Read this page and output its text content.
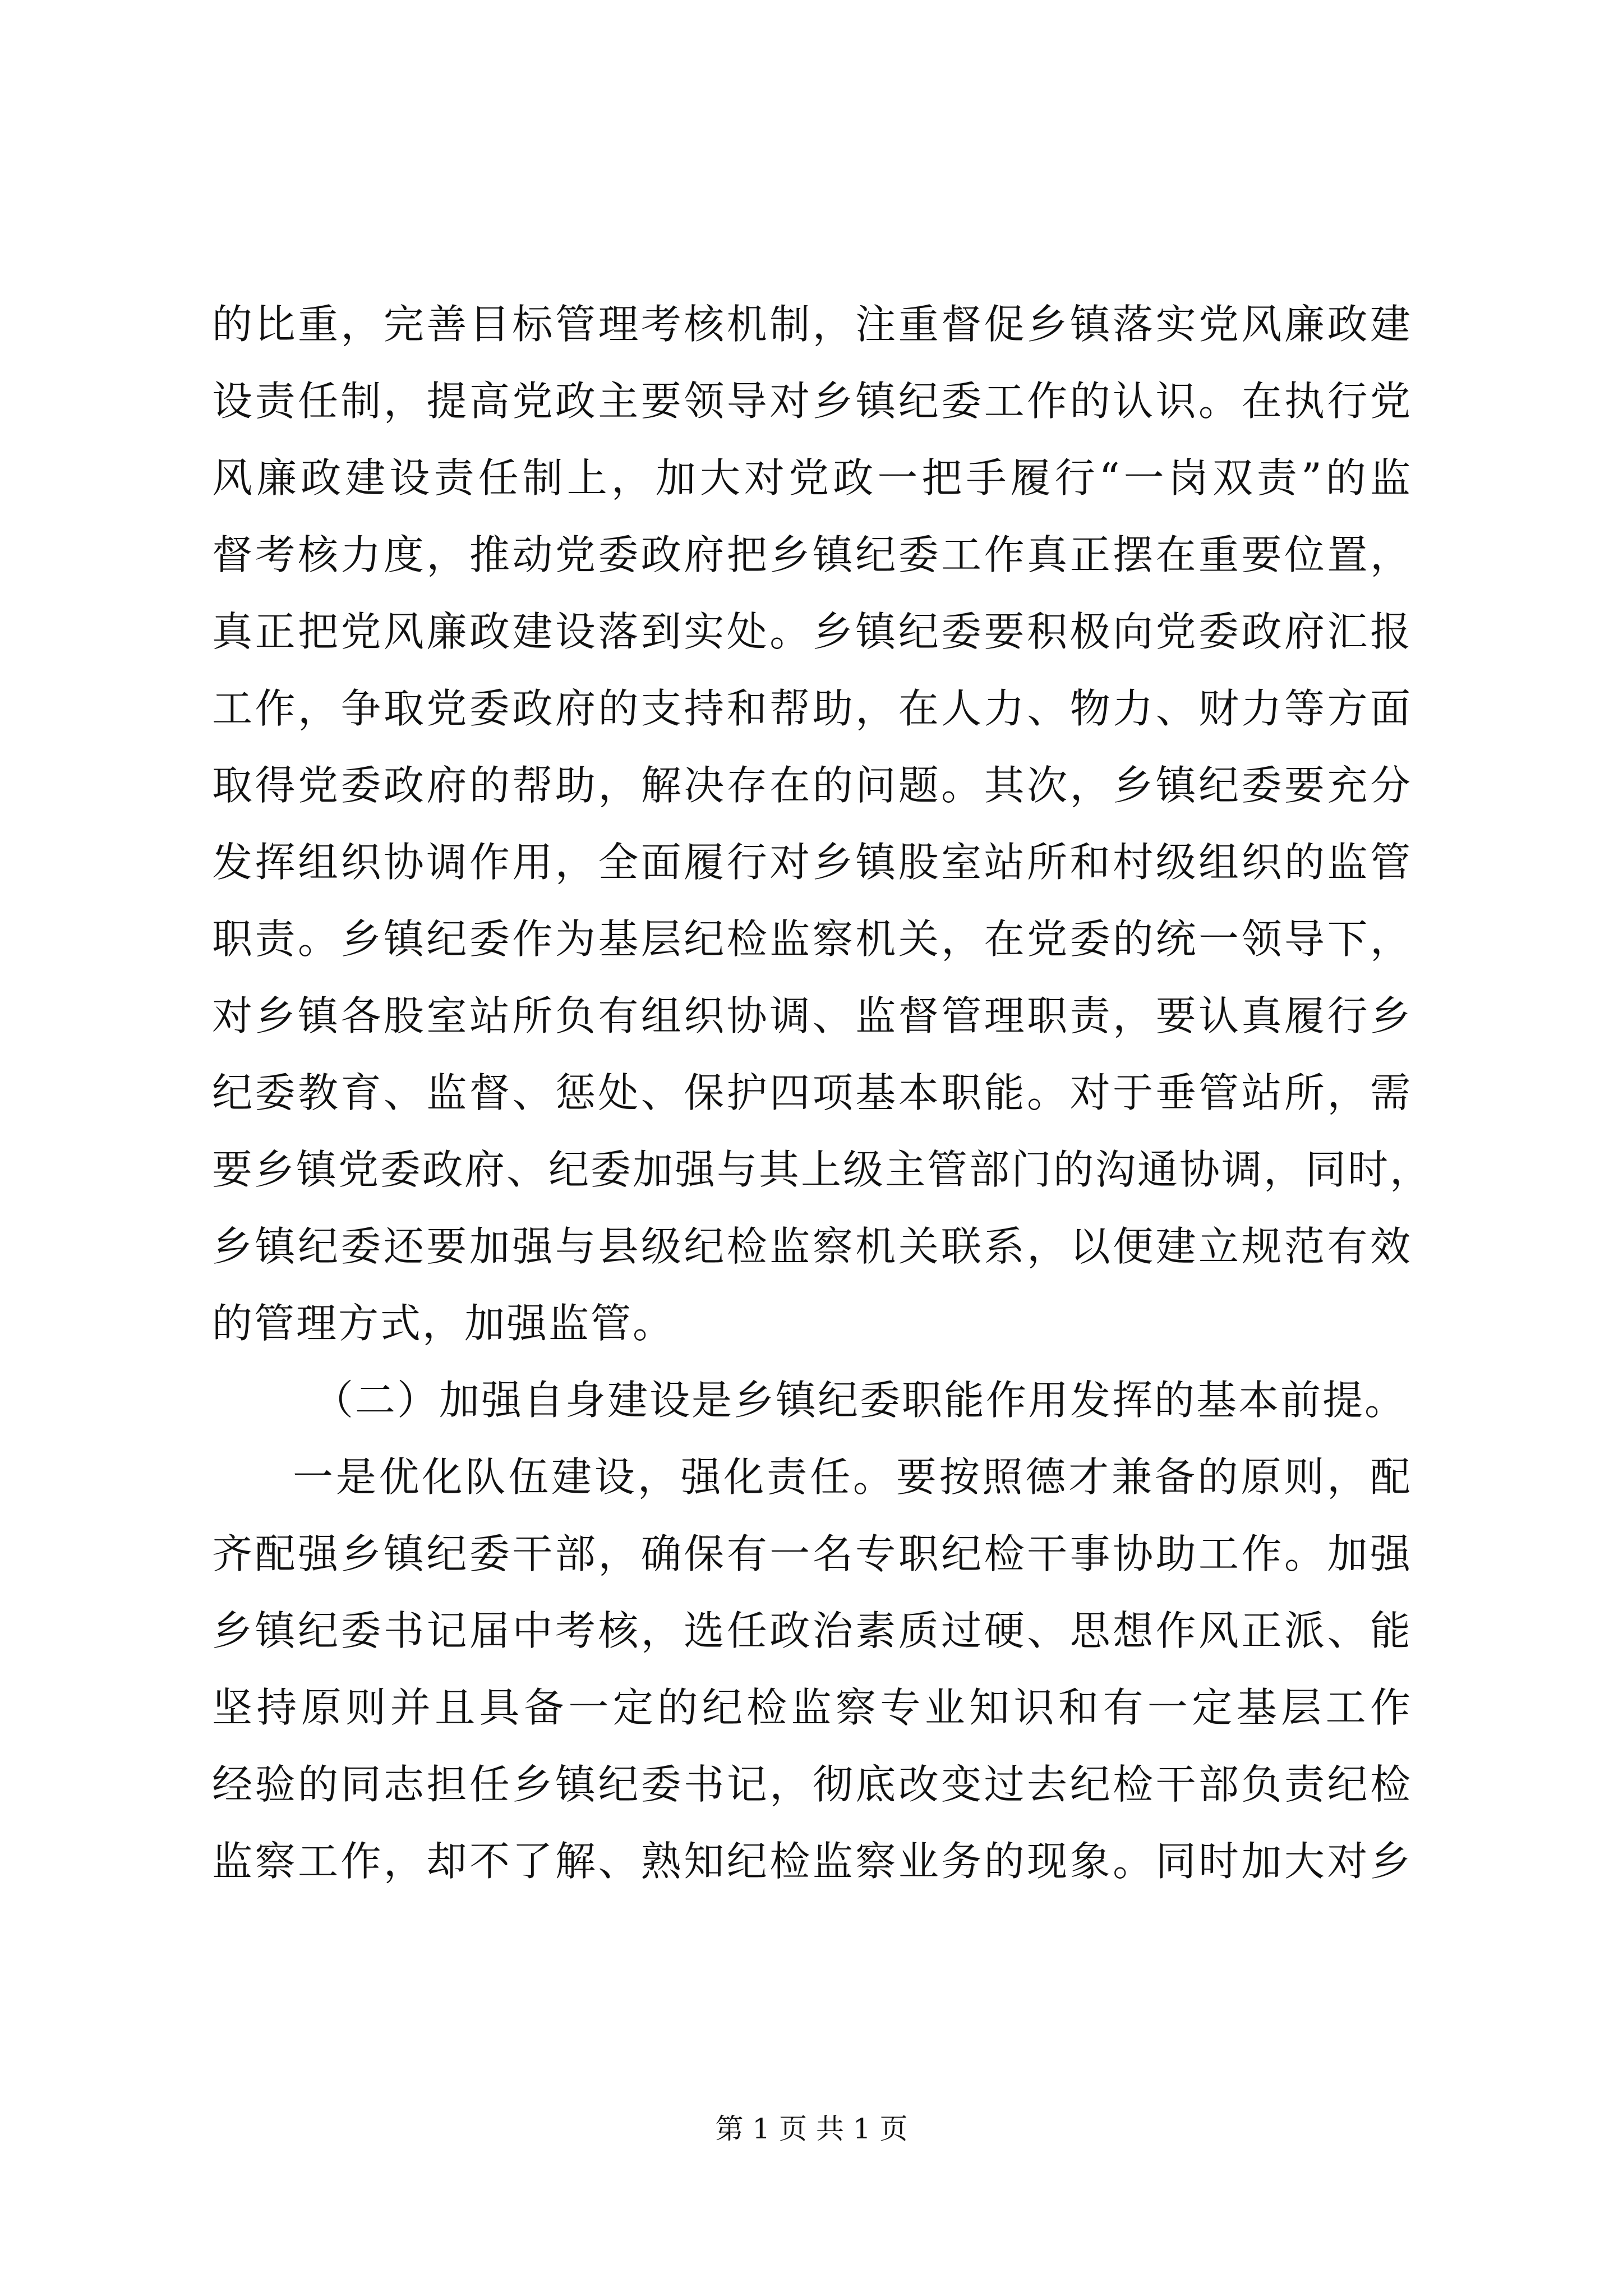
的比重，完善目标管理考核机制，注重督促乡镇落实党风廉政建
设责任制，提高党政主要领导对乡镇纪委工作的认识。在执行党
风廉政建设责任制上，加大对党政一把手履行“一岗双责”的监
督考核力度，推动党委政府把乡镇纪委工作真正摆在重要位置，
真正把党风廉政建设落到实处。乡镇纪委要积极向党委政府汇报
工作，争取党委政府的支持和帮助，在人力、物力、财力等方面
取得党委政府的帮助，解决存在的问题。其次，乡镇纪委要充分
发挥组织协调作用，全面履行对乡镇股室站所和村级组织的监管
职责。乡镇纪委作为基层纪检监察机关，在党委的统一领导下，
对乡镇各股室站所负有组织协调、监督管理职责，要认真履行乡
纪委教育、监督、惩处、保护四项基本职能。对于垂管站所，需
要乡镇党委政府、纪委加强与其上级主管部门的沟通协调，同时，
乡镇纪委还要加强与县级纪检监察机关联系，以便建立规范有效
的管理方式，加强监管。
（二）加强自身建设是乡镇纪委职能作用发挥的基本前提。
一是优化队伍建设，强化责任。要按照德才兼备的原则，配
齐配强乡镇纪委干部，确保有一名专职纪检干事协助工作。加强
乡镇纪委书记届中考核，选任政治素质过硬、思想作风正派、能
坚持原则并且具备一定的纪检监察专业知识和有一定基层工作
经验的同志担任乡镇纪委书记，彻底改变过去纪检干部负责纪检
监察工作，却不了解、熟知纪检监察业务的现象。同时加大对乡
第 1 页 共 1 页
